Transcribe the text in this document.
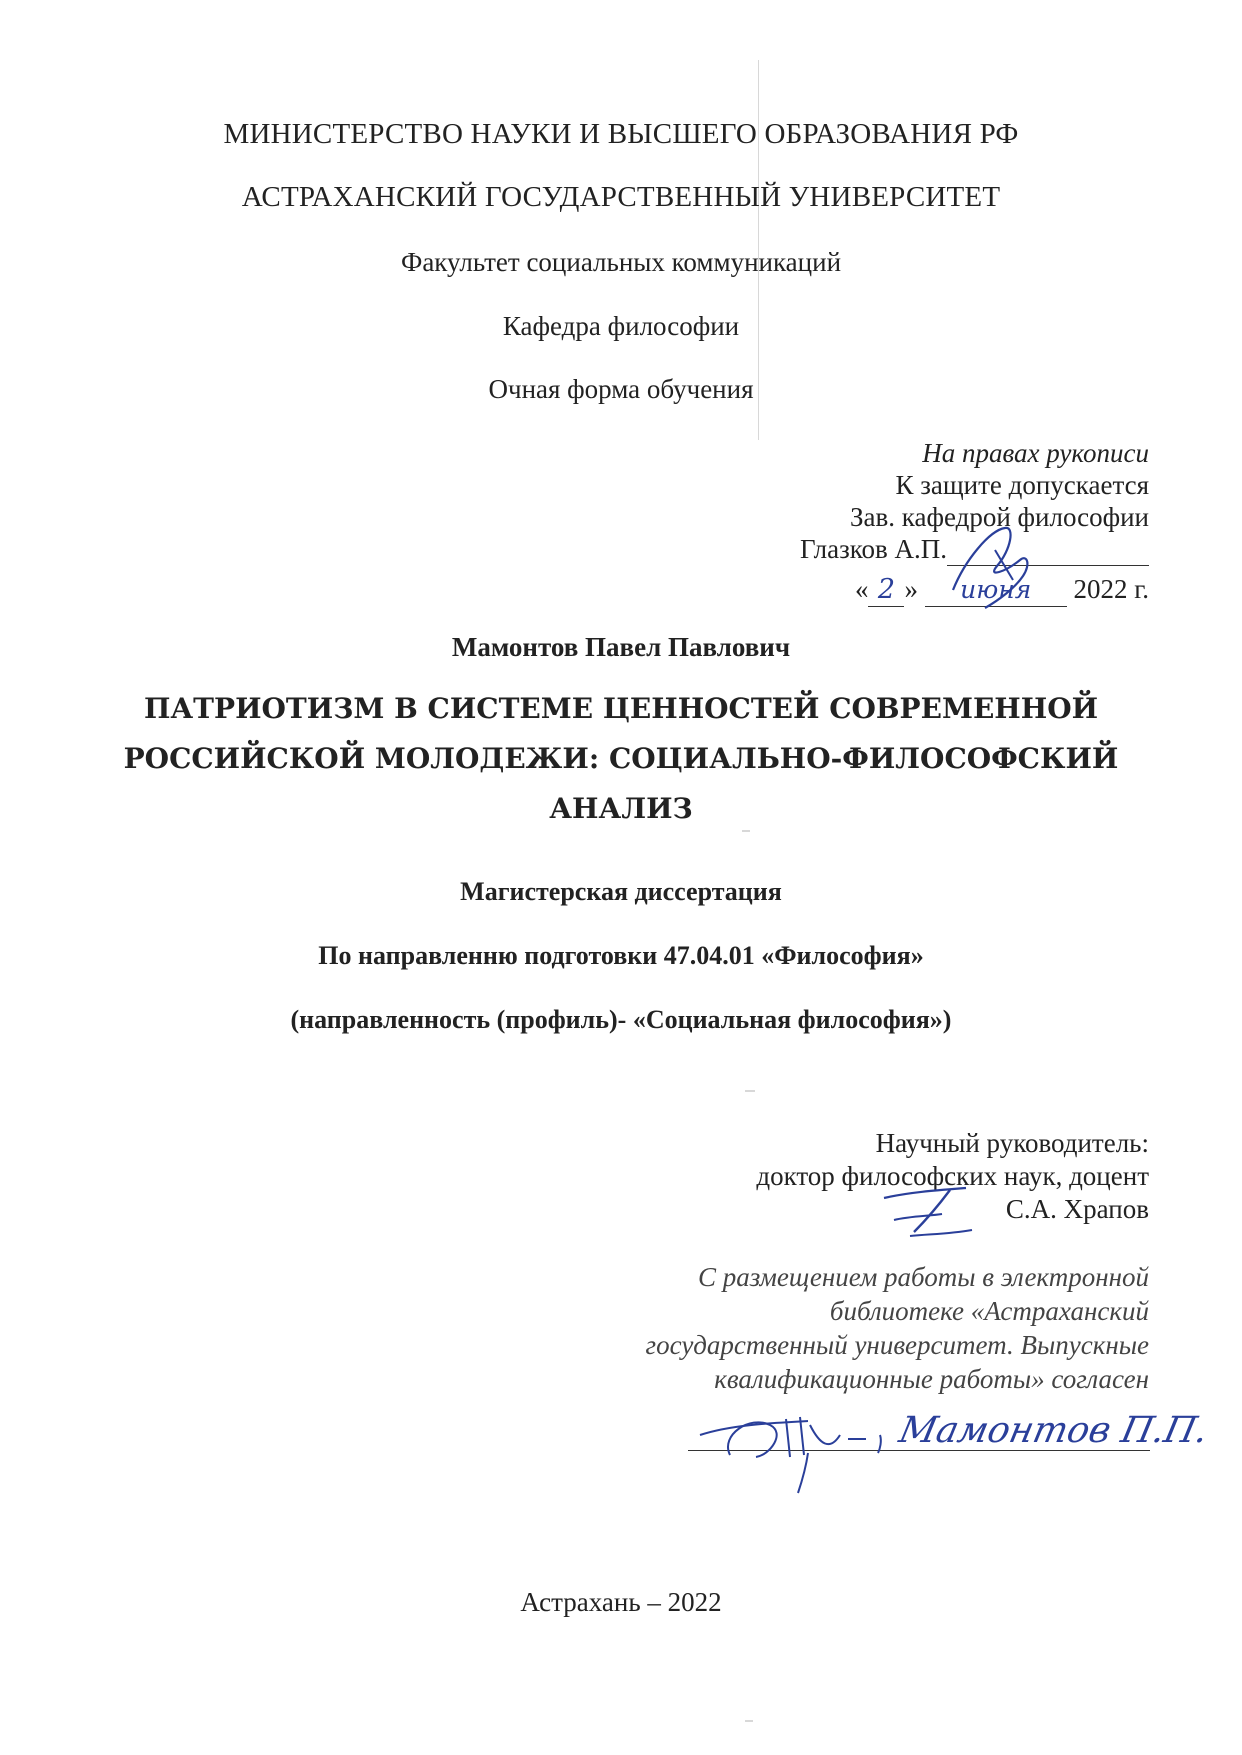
МИНИСТЕРСТВО НАУКИ И ВЫСШЕГО ОБРАЗОВАНИЯ РФ
АСТРАХАНСКИЙ ГОСУДАРСТВЕННЫЙ УНИВЕРСИТЕТ
Факультет социальных коммуникаций
Кафедра философии
Очная форма обучения
На правах рукописи
К защите допускается
Зав. кафедрой философии
Глазков А.П.
« 2 » июня 2022 г.
Мамонтов Павел Павлович
ПАТРИОТИЗМ В СИСТЕМЕ ЦЕННОСТЕЙ СОВРЕМЕННОЙ
РОССИЙСКОЙ МОЛОДЕЖИ: СОЦИАЛЬНО-ФИЛОСОФСКИЙ
АНАЛИЗ
Магистерская диссертация
По направленню подготовки 47.04.01 «Философия»
(направленность (профиль)- «Социальная философия»)
Научный руководитель:
доктор философских наук, доцент
С.А. Храпов
С размещением работы в электронной
библиотеке «Астраханский
государственный университет. Выпускные
квалификационные работы» согласен
Мамонтов П.П.
Астрахань – 2022
